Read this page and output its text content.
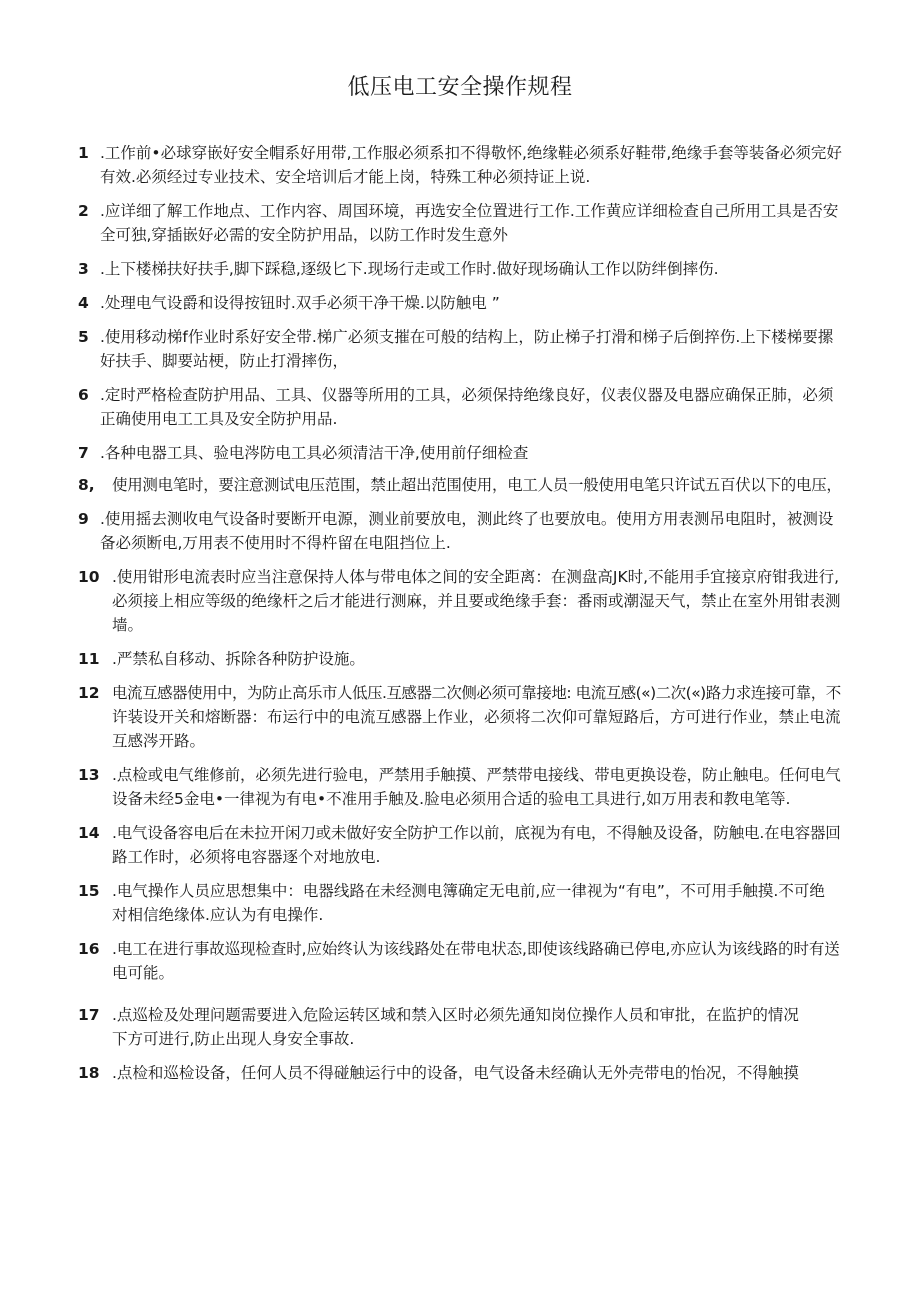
低压电工安全操作规程
1 .工作前•必球穿嵌好安全帽系好用带,工作服必须系扣不得敬怀,绝缘鞋必须系好鞋带,绝缘手套等装备必须完好
有效.必须经过专业技术、安全培训后才能上岗，特殊工种必须持证上说.
2 .应详细了解工作地点、工作内容、周国环境，再选安全位置进行工作.工作黄应详细检查自己所用工具是否安
全可独,穿插嵌好必需的安全防护用品，以防工作时发生意外
3 .上下楼梯扶好扶手,脚下踩稳,逐级匕下.现场行走或工作时.做好现场确认工作以防绊倒摔伤.
4 .处理电气设爵和设得按钮时.双手必须干净干燥.以防触电 ”
5 .使用移动梯f作业时系好安全带.梯广必须支摧在可般的结构上，防止梯子打滑和梯子后倒捽伤.上下楼梯要摞
好扶手、脚要站梗，防止打滑摔伤，
6 .定时严格检查防护用品、工具、仪器等所用的工具，必须保持绝缘良好，仪表仪器及电器应确保正肺，必须
正确使用电工工具及安全防护用品.
7 .各种电器工具、验电涔防电工具必须清洁干净,使用前仔细检查
8,	使用测电笔时，要注意测试电压范围，禁止超出范围使用，电工人员一般使用电笔只许试五百伏以下的电压，
9 .使用摇去测收电气设备时要断开电源，测业前要放电，测此终了也要放电。使用方用表测吊电阻时，被测设
备必须断电,万用表不使用时不得杵留在电阻挡位上.
10 .使用钳形电流表时应当注意保持人体与带电体之间的安全距离：在测盘高JK时,不能用手宜接京府钳我进行,
必须接上相应等级的绝缘杆之后才能进行测麻，并且要或绝缘手套：番雨或潮湿天气，禁止在室外用钳表测
墙。
11 .严禁私自移动、拆除各种防护设施。
12 电流互感器使用中，为防止高乐市人低压.互感器二次侧必须可靠接地: 电流互感(«)二次(«)路力求连接可靠，不
许装设开关和熔断器：布运行中的电流互感器上作业，必须将二次仰可靠短路后，方可进行作业，禁止电流
互感涔开路。
13 .点检或电气维修前，必须先进行验电，严禁用手触摸、严禁带电接线、带电更换设卷，防止触电。任何电气
设备未经5金电•一律视为有电•不准用手触及.脸电必须用合适的验电工具进行,如万用表和教电笔等.
14 .电气设备容电后在未拉开闲刀或未做好安全防护工作以前，底视为有电，不得触及设备，防触电.在电容器回
路工作时，必须将电容器逐个对地放电.
15 .电气操作人员应思想集中：电器线路在未经测电簿确定无电前,应一律视为“有电”，不可用手触摸.不可绝
对相信绝缘体.应认为有电操作.
16 .电工在进行事故巡现检查时,应始终认为该线路处在带电状态,即使该线路确已停电,亦应认为该线路的时有送
电可能。
17 .点巡检及处理问题需要进入危险运转区域和禁入区时必须先通知岗位操作人员和审批，在监护的情况
下方可进行,防止出现人身安全事故.
18 .点检和巡检设备，任何人员不得碰触运行中的设备，电气设备未经确认无外壳带电的怡况，不得触摸
